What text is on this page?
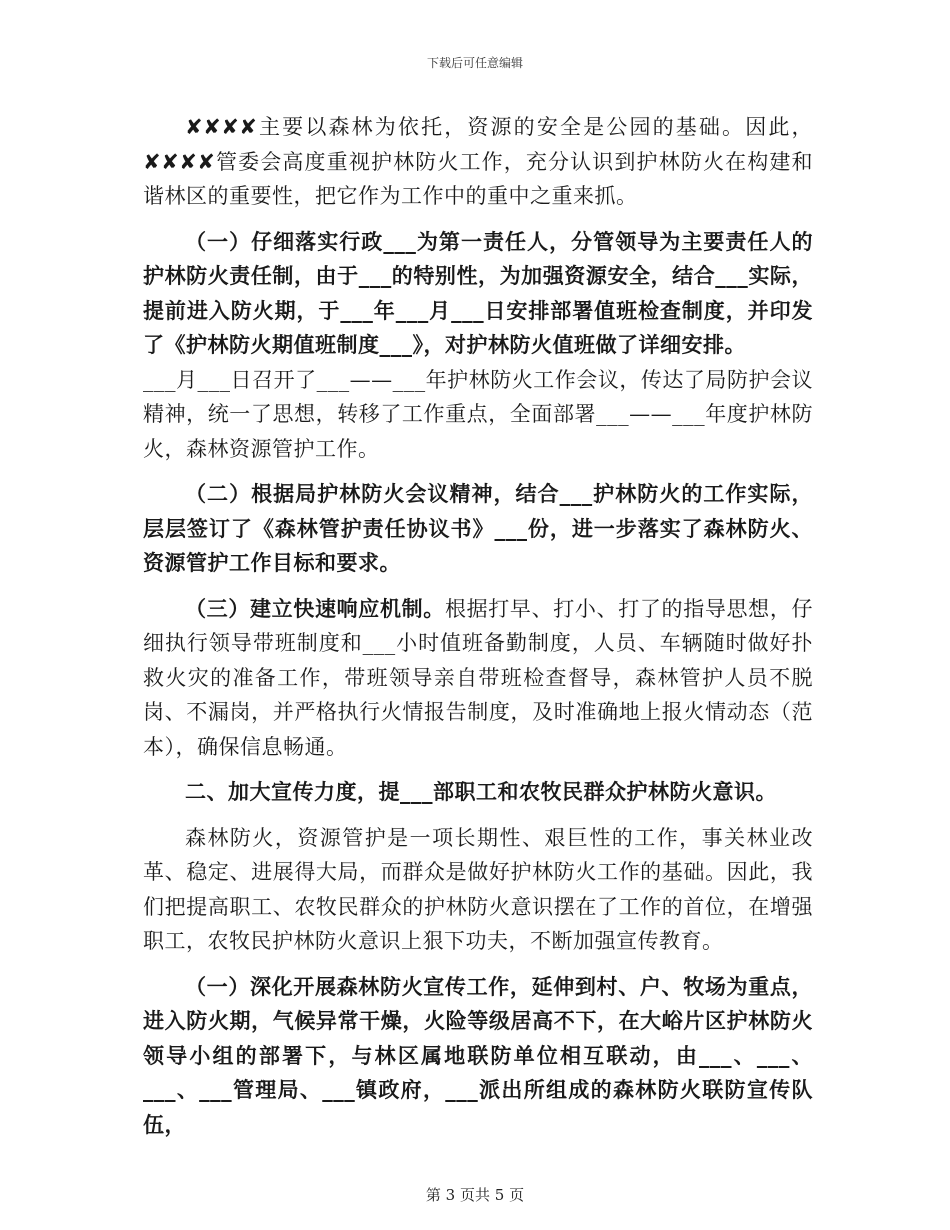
下载后可任意编辑

✘✘✘✘主要以森林为依托，资源的安全是公园的基础。因此，✘✘✘✘管委会高度重视护林防火工作，充分认识到护林防火在构建和谐林区的重要性，把它作为工作中的重中之重来抓。

（一）仔细落实行政___为第一责任人，分管领导为主要责任人的护林防火责任制，由于___的特别性，为加强资源安全，结合___实际，提前进入防火期，于___年___月___日安排部署值班检查制度，并印发了《护林防火期值班制度___》，对护林防火值班做了详细安排。

___月___日召开了___——___年护林防火工作会议，传达了局防护会议精神，统一了思想，转移了工作重点，全面部署___——___年度护林防火，森林资源管护工作。

（二）根据局护林防火会议精神，结合___护林防火的工作实际，层层签订了《森林管护责任协议书》___份，进一步落实了森林防火、资源管护工作目标和要求。

（三）建立快速响应机制。根据打早、打小、打了的指导思想，仔细执行领导带班制度和___小时值班备勤制度，人员、车辆随时做好扑救火灾的准备工作，带班领导亲自带班检查督导，森林管护人员不脱岗、不漏岗，并严格执行火情报告制度，及时准确地上报火情动态（范本），确保信息畅通。

二、加大宣传力度，提___部职工和农牧民群众护林防火意识。

森林防火，资源管护是一项长期性、艰巨性的工作，事关林业改革、稳定、进展得大局，而群众是做好护林防火工作的基础。因此，我们把提高职工、农牧民群众的护林防火意识摆在了工作的首位，在增强职工，农牧民护林防火意识上狠下功夫，不断加强宣传教育。

（一）深化开展森林防火宣传工作，延伸到村、户、牧场为重点，进入防火期，气候异常干燥，火险等级居高不下，在大峪片区护林防火领导小组的部署下，与林区属地联防单位相互联动，由___、___、___、___管理局、___镇政府，___派出所组成的森林防火联防宣传队伍，

第 3 页共 5 页
